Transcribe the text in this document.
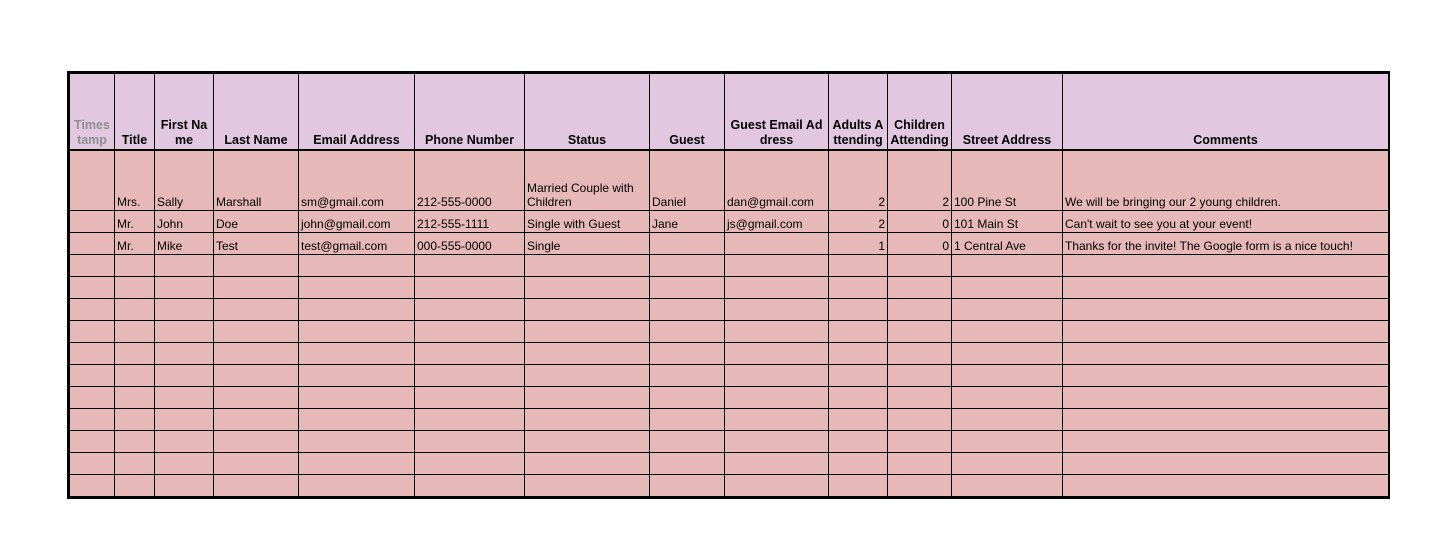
Timestamp	Title	First Name	Last Name	Email Address	Phone Number	Status	Guest	Guest Email Address	Adults Attending	Children Attending	Street Address	Comments
	Mrs.	Sally	Marshall	sm@gmail.com	212-555-0000	Married Couple with Children	Daniel	dan@gmail.com	2	2	100 Pine St	We will be bringing our 2 young children.
	Mr.	John	Doe	john@gmail.com	212-555-1111	Single with Guest	Jane	js@gmail.com	2	0	101 Main St	Can't wait to see you at your event!
	Mr.	Mike	Test	test@gmail.com	000-555-0000	Single			1	0	1 Central Ave	Thanks for the invite! The Google form is a nice touch!
